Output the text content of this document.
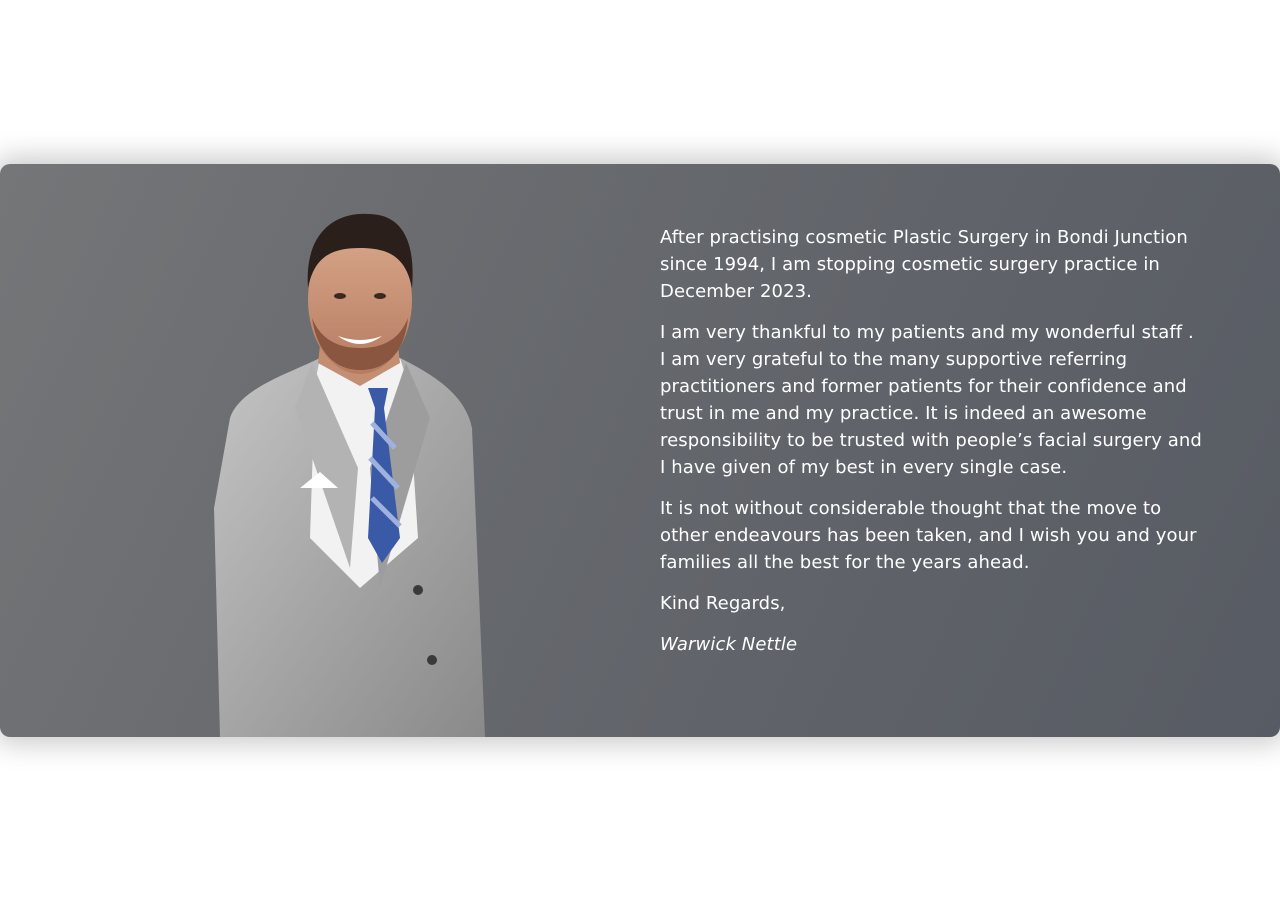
After practising cosmetic Plastic Surgery in Bondi Junction since 1994, I am stopping cosmetic surgery practice in December 2023.

I am very thankful to my patients and my wonderful staff . I am very grateful to the many supportive referring practitioners and former patients for their confidence and trust in me and my practice. It is indeed an awesome responsibility to be trusted with people’s facial surgery and I have given of my best in every single case.

It is not without considerable thought that the move to other endeavours has been taken, and I wish you and your families all the best for the years ahead.

Kind Regards,

Warwick Nettle
